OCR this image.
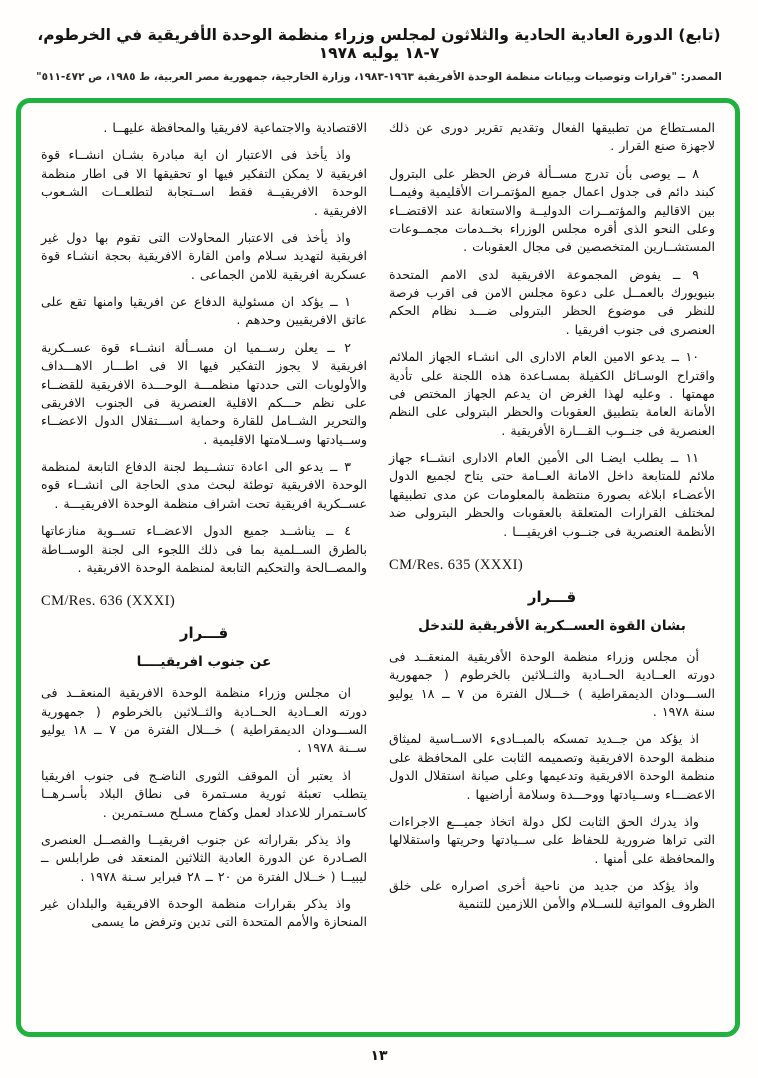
(تابع) الدورة العادية الحادية والثلاثون لمجلس وزراء منظمة الوحدة الأفريقية في الخرطوم، ٧-١٨ يوليه ١٩٧٨
المصدر: "قرارات وتوصيات وبيانات منظمة الوحدة الأفريقية ١٩٦٣-١٩٨٣، وزارة الخارجية، جمهورية مصر العربية، ط ١٩٨٥، ص ٤٧٢-٥١١"

المسـتطاع من تطبيقها الفعال وتقديم تقرير دورى عن ذلك لاجهزة صنع القرار .

٨ ــ يوصى بأن تدرج مســألة فرض الحظر على البترول كبند دائم فى جدول اعمال جميع المؤتمـرات الأقليمية وفيمــا بين الاقاليم والمؤتمــرات الدوليــة والاستعانة عند الاقتضــاء وعلى النحو الذى أقره مجلس الوزراء بخــدمات مجمــوعات المستشــارين المتخصصين فى مجال العقوبات .

٩ ــ يفوض المجموعة الافريقية لدى الامم المتحدة بنيويورك بالعمــل على دعوة مجلس الامن فى اقرب فرصة للنظر فى موضوع الحظر البترولى ضـــد نظام الحكم العنصرى فى جنوب افريقيا .

١٠ ــ يدعو الامين العام الادارى الى انشـاء الجهاز الملائم واقتراح الوسـائل الكفيلة بمسـاعدة هذه اللجنة على تأدية مهمتها . وعليه لهذا الغرض ان يدعم الجهاز المختص فى الأمانة العامة بتطبيق العقوبات والحظر البترولى على النظم العنصرية فى جنــوب القـــارة الأفريقية .

١١ ــ يطلب ايضـا الى الأمين العام الادارى انشــاء جهاز ملائم للمتابعة داخل الامانة العــامة حتى يتاح لجميع الدول الأعضـاء ابلاغه بصورة منتظمة بالمعلومات عن مدى تطبيقها لمختلف القرارات المتعلقة بالعقوبات والحظر البترولى ضد الأنظمة العنصرية فى جنــوب افريقيـــا .

CM/Res. 635 (XXXI)
قـــرار
بشان القوة العســكرية الأفريقية للتدخل

أن مجلس وزراء منظمة الوحدة الأفريقية المنعقــد فى دورته العــادية الحــادية والثــلاثين بالخرطوم ( جمهورية الســـودان الديمقراطية ) خـــلال الفترة من ٧ ــ ١٨ يوليو سنة ١٩٧٨ .

اذ يؤكد من جــديد تمسكه بالمبــادىء الاســاسية لميثاق منظمة الوحدة الافريقية وتصميمه الثابت على المحافظة على منظمة الوحدة الافريقية وتدعيمها وعلى صيانة استقلال الدول الاعضـــاء وســيادتها ووحـــدة وسلامة أراضيها .

واذ يدرك الحق الثابت لكل دولة اتخاذ جميـــع الاجراءات التى تراها ضرورية للحفاظ على ســيادتها وحريتها واستقلالها والمحافظة على أمنها .

واذ يؤكد من جديد من ناحية أخرى اصراره على خلق الظروف المواتية للســلام والأمن اللازمين للتنمية

الاقتصادية والاجتماعية لافريقيا والمحافظة عليهــا .

واذ يأخذ فى الاعتبار ان اية مبادرة بشـان انشــاء قوة افريقية لا يمكن التفكير فيها او تحقيقها الا فى اطار منظمة الوحدة الافريقيــة فقط اســتجابة لتطلعــات الشـعوب الافريقية .

واذ يأخذ فى الاعتبار المحاولات التى تقوم بها دول غير افريقية لتهديد سـلام وامن القارة الافريقية بحجة انشـاء قوة عسكرية افريقية للامن الجماعى .

١ ــ يؤكد ان مسئولية الدفاع عن افريقيا وامنها تقع على عاتق الافريقيين وحدهم .

٢ ــ يعلن رســميا ان مســألة انشــاء قوة عســكرية افريقية لا يجوز التفكير فيها الا فى اطـــار الاهـــداف والأولويات التى حددتها منظمـــة الوحـــدة الافريقية للقضــاء على نظم حـــكم الاقلية العنصرية فى الجنوب الافريقى والتحرير الشــامل للقارة وحماية اســـتقلال الدول الاعضــاء وســيادتها وســلامتها الاقليمية .

٣ ــ يدعو الى اعادة تنشــيط لجنة الدفاع التابعة لمنظمة الوحدة الافريقية توطئة لبحث مدى الحاجة الى انشــاء قوه عســكرية افريقية تحت اشراف منظمة الوحدة الافريقيـــة .

٤ ــ يناشــد جميع الدول الاعضــاء تســوية منازعاتها بالطرق الســلمية بما فى ذلك اللجوء الى لجنة الوســاطة والمصــالحة والتحكيم التابعة لمنظمة الوحدة الافريقية .

CM/Res. 636 (XXXI)
قـــرار
عن جنوب افريقيــــا

ان مجلس وزراء منظمة الوحدة الافريقية المنعقــد فى دورته العــادية الحــادية والثــلاثين بالخرطوم ( جمهورية الســـودان الديمقراطية ) خـــلال الفترة من ٧ ــ ١٨ يوليو ســنة ١٩٧٨ .

اذ يعتبر أن الموقف الثورى الناضـج فى جنوب افريقيا يتطلب تعبئة ثورية مسـتمرة فى نطاق البلاد بأسـرهــا كاسـتمرار للاعداد لعمل وكفاح مسـلح مسـتمرين .

واذ يذكر بقراراته عن جنوب افريقيــا والفصــل العنصرى الصـادرة عن الدورة العادية الثلاثين المنعقد فى طرابلس ــ ليبيــا ( خــلال الفترة من ٢٠ ــ ٢٨ فبراير سـنة ١٩٧٨ .

واذ يذكر بقرارات منظمة الوحدة الافريقية والبلدان غير المنحازة والأمم المتحدة التى تدين وترفض ما يسمى

١٣
